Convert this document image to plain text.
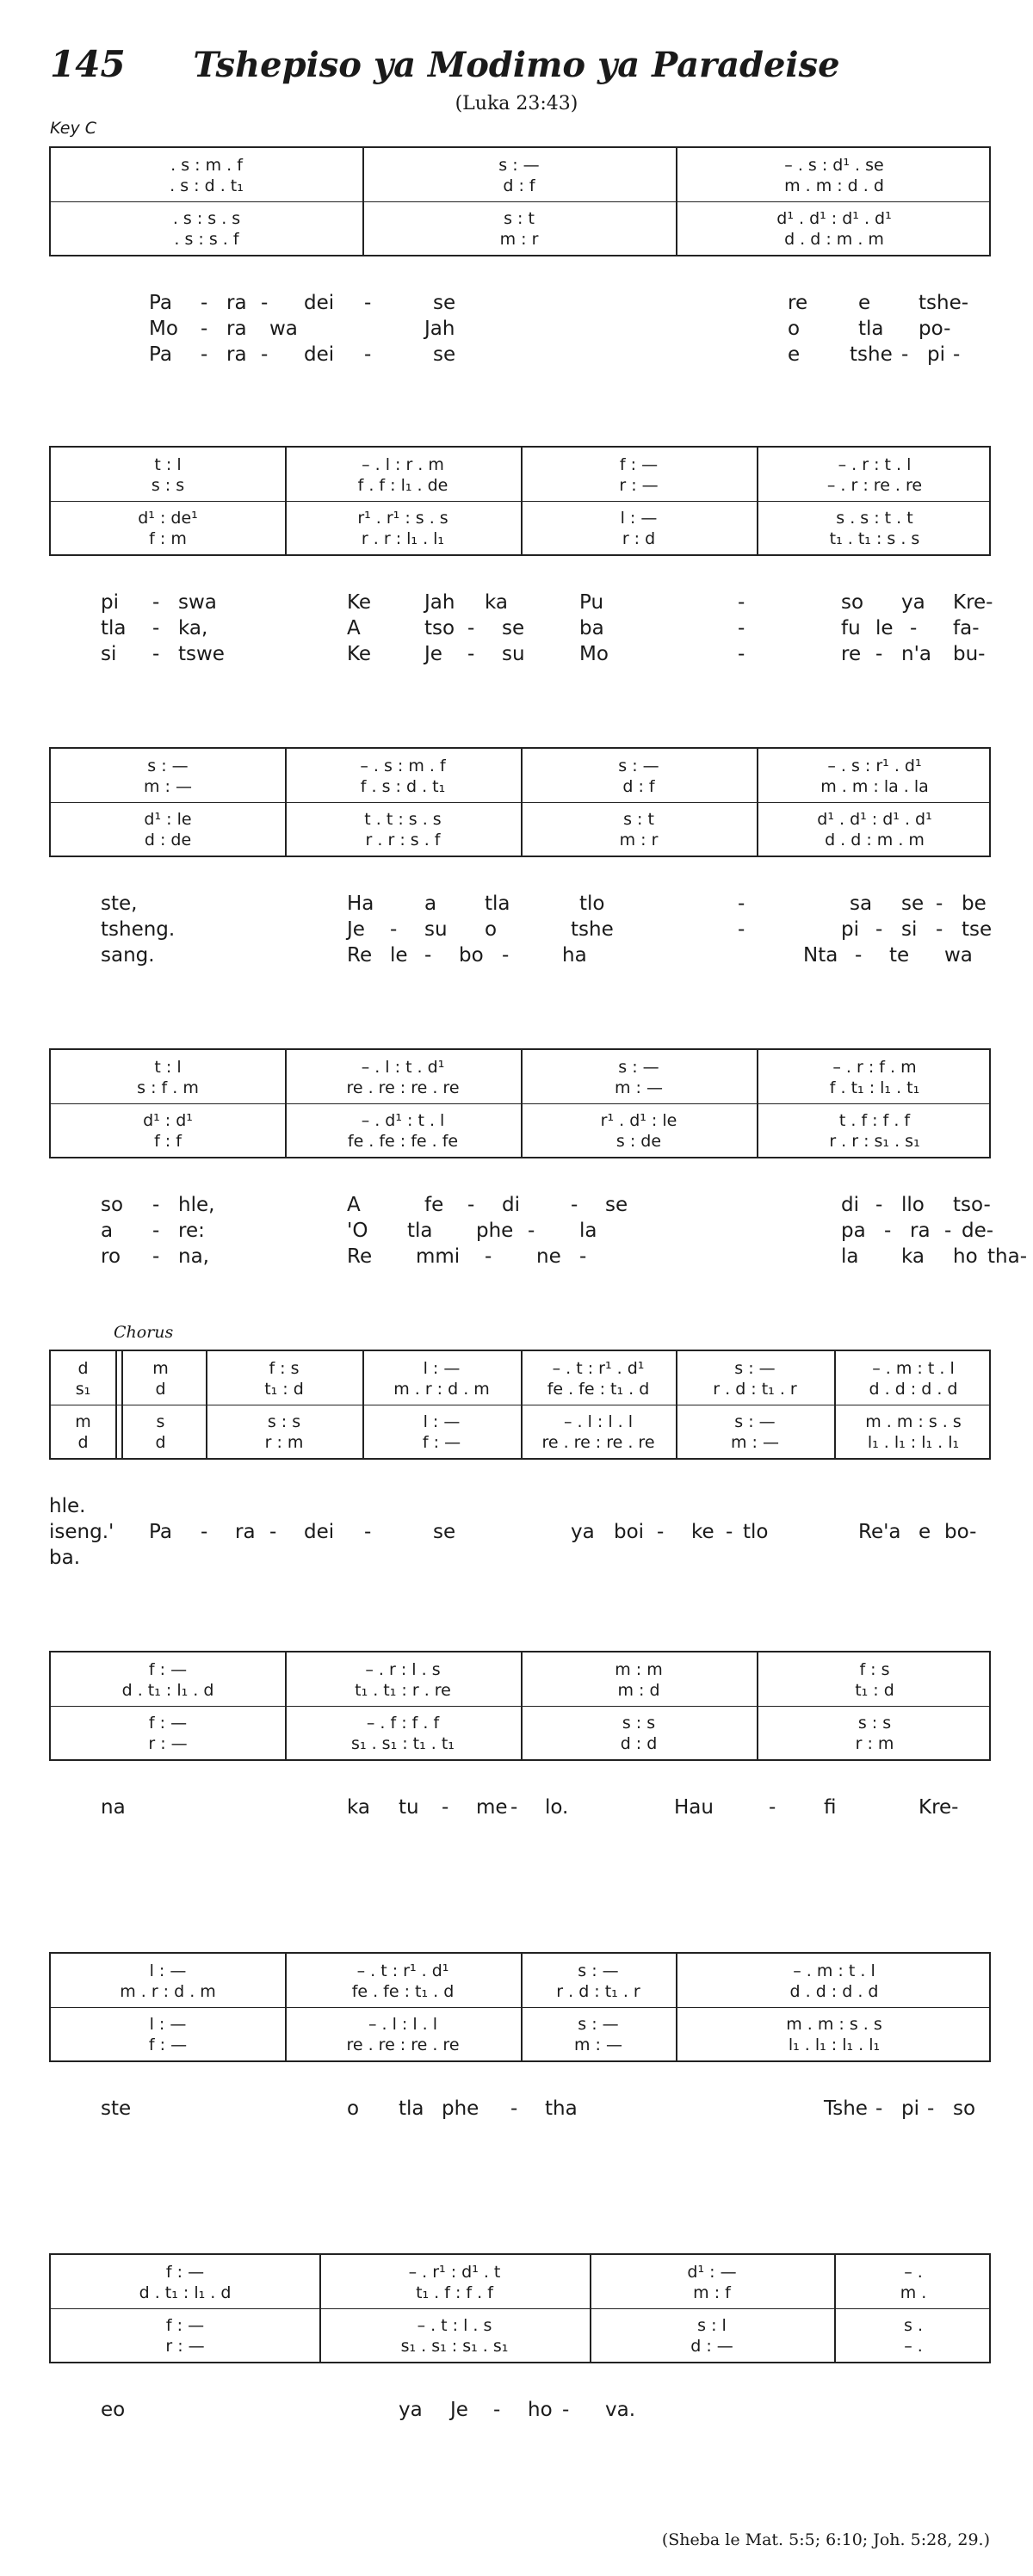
145	Tshepiso ya Modimo ya Paradeise
(Luka 23:43)
Key C
Chorus
(Sheba le Mat. 5:5; 6:10; Joh. 5:28, 29.)
. s : m . f	s : —	– . s : d¹ . se
. s : d . t₁	d : f	m . m : d . d
. s : s . s	s : t	d¹ . d¹ : d¹ . d¹
. s : s . f	m : r	d . d : m . m
Pa - ra - dei -	se	re	e tshe-
Mo - ra wa	Jah	o	tla po-
Pa - ra - dei -	se	e	tshe - pi -
t : l	– . l : r . m	f : —	– . r : t . l
s : s	f . f : l₁ . de	r : —	– . r : re . re
d¹ : de¹	r¹ . r¹ : s . s	l : —	s . s : t . t
f : m	r . r : l₁ . l₁	r : d	t₁ . t₁ : s . s
pi - swa	Ke	Jah ka	Pu	-	so ya Kre-
tla - ka,	A	tso - se	ba	-	fu le - fa-
si - tswe	Ke	Je - su	Mo	-	re - n'a bu-
s : —	– . s : m . f	s : —	– . s : r¹ . d¹
m : —	f . s : d . t₁	d : f	m . m : la . la
d¹ : le	t . t : s . s	s : t	d¹ . d¹ : d¹ . d¹
d : de	r . r : s . f	m : r	d . d : m . m
ste,	Ha	a tla	tlo	-	sa se - be
tsheng.	Je - su o	tshe	-	pi - si - tse
sang.	Re le - bo -	ha	Nta - te wa
t : l	– . l : t . d¹	s : —	– . r : f . m
s : f . m	re . re : re . re	m : —	f . t₁ : l₁ . t₁
d¹ : d¹	– . d¹ : t . l	r¹ . d¹ : le	t . f : f . f
f : f	fe . fe : fe . fe	s : de	r . r : s₁ . s₁
so - hle,	A	fe - di	- se	di - llo tso-
a - re:	'O tla phe - la	pa - ra - de-
ro - na,	Re mmi - ne -	la ka ho tha-
d	m	f : s	l : —	– . t : r¹ . d¹	s : —	– . m : t . l
s₁	d	t₁ : d	m . r : d . m	fe . fe : t₁ . d	r . d : t₁ . r	d . d : d . d
m	s	s : s	l : —	– . l : l . l	s : —	m . m : s . s
d	d	r : m	f : —	re . re : re . re	m : —	l₁ . l₁ : l₁ . l₁
hle.
iseng.' Pa - ra - dei -	se	ya boi - ke - tlo	Re'a e bo-
ba.
f : —	– . r : l . s	m : m	f : s
d . t₁ : l₁ . d	t₁ . t₁ : r . re	m : d	t₁ : d
f : —	– . f : f . f	s : s	s : s
r : —	s₁ . s₁ : t₁ . t₁	d : d	r : m
na	ka tu - me - lo.	Hau	- fi	Kre-
l : —	– . t : r¹ . d¹	s : —	– . m : t . l
m . r : d . m	fe . fe : t₁ . d	r . d : t₁ . r	d . d : d . d
l : —	– . l : l . l	s : —	m . m : s . s
f : —	re . re : re . re	m : —	l₁ . l₁ : l₁ . l₁
ste	o tla phe - tha	Tshe - pi - so
f : —	– . r¹ : d¹ . t	d¹ : —	– .
d . t₁ : l₁ . d	t₁ . f : f . f	m : f	m .
f : —	– . t : l . s	s : l	s .
r : —	s₁ . s₁ : s₁ . s₁	d : —	– .
eo	ya Je - ho - va.
